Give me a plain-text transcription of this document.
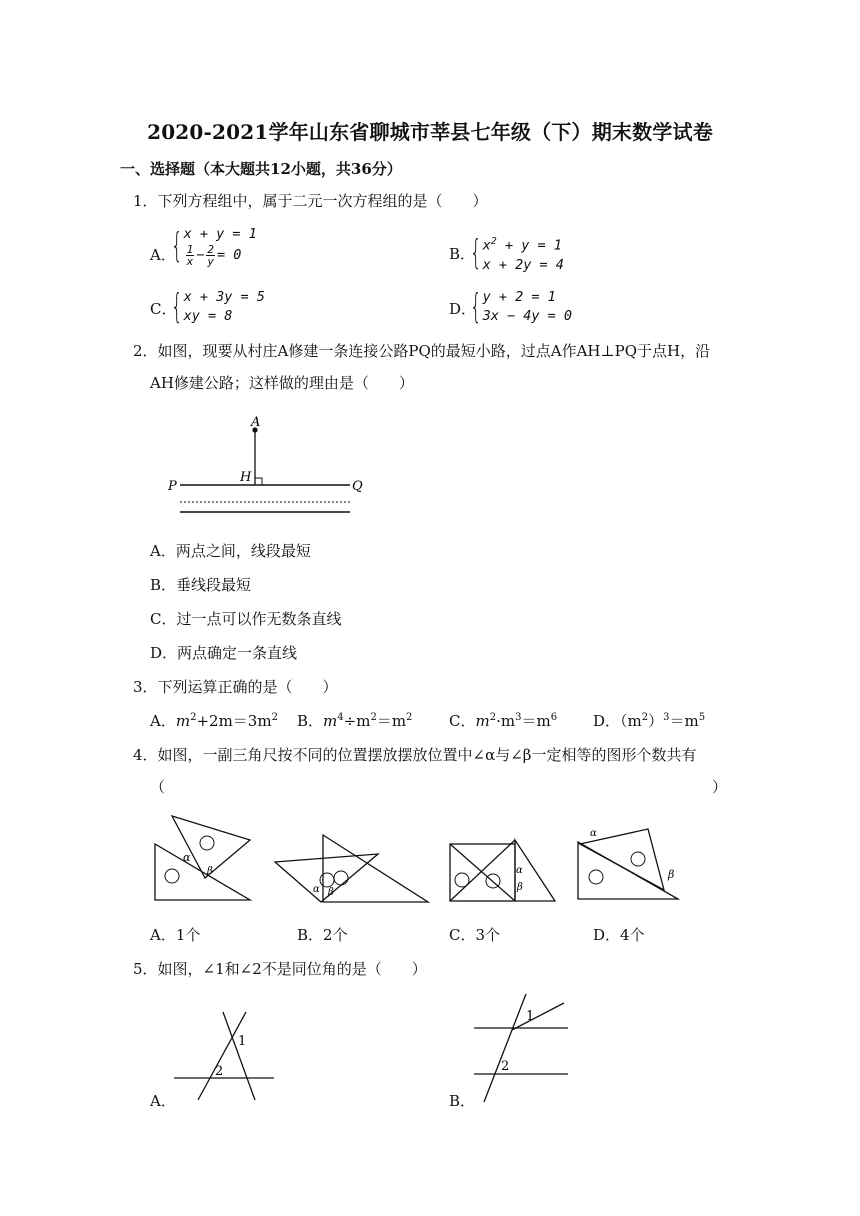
2020-2021学年山东省聊城市莘县七年级（下）期末数学试卷
一、选择题（本大题共12小题，共36分）
1．下列方程组中，属于二元一次方程组的是（　　）
A．
{ x + y = 1
$\frac{1}{x} - \frac{2}{y} = 0$	B．
{ $x^2 + y = 1$
x + 2y = 4
C．
{ x + 3y = 5
xy = 8	D．
{ y + 2 = 1
3x − 4y = 0
2．如图，现要从村庄A修建一条连接公路PQ的最短小路，过点A作AH⊥PQ于点H，沿
AH修建公路；这样做的理由是（　　）
A
H
P	Q
A．两点之间，线段最短
B．垂线段最短
C．过一点可以作无数条直线
D．两点确定一条直线
3．下列运算正确的是（　　）
A．$m^2+2m=3m^2$ B．$m^4\div m^2=m^2$ C．$m^2\cdot m^3=m^6$ D．$(m^2)^3=m^5$
4．如图，一副三角尺按不同的位置摆放摆放位置中∠α与∠β一定相等的图形个数共有
（	）
α
β
α β
α
β
α
β
A．1个	B．2个	C．3个	D．4个
5．如图，∠1和∠2不是同位角的是（　　）
1
2
A．
1
2
B．
